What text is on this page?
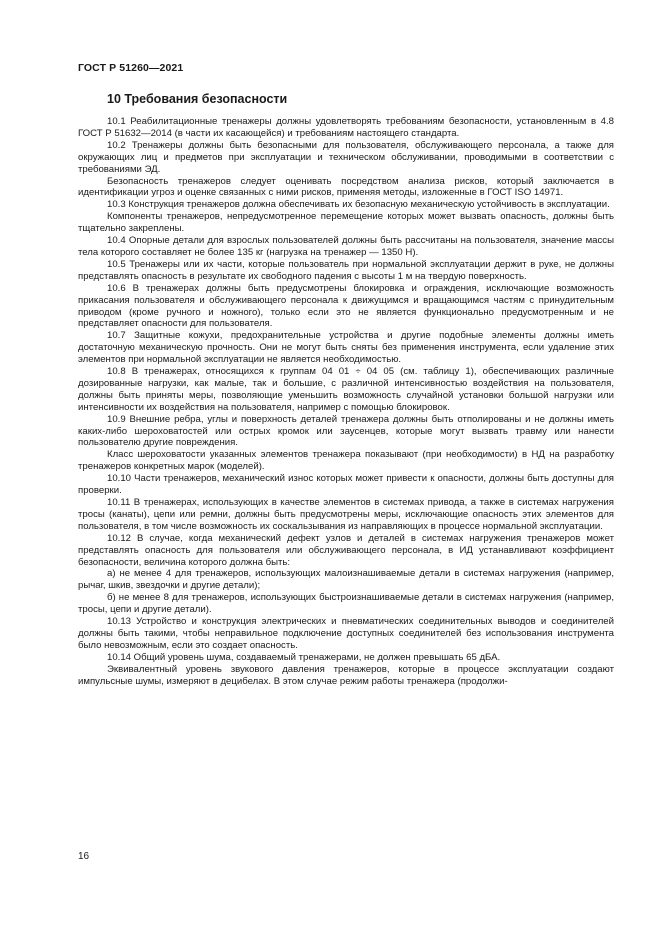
ГОСТ Р 51260—2021
10 Требования безопасности

10.1 Реабилитационные тренажеры должны удовлетворять требованиям безопасности, установленным в 4.8 ГОСТ Р 51632—2014 (в части их касающейся) и требованиям настоящего стандарта.

10.2 Тренажеры должны быть безопасными для пользователя, обслуживающего персонала, а также для окружающих лиц и предметов при эксплуатации и техническом обслуживании, проводимыми в соответствии с требованиями ЭД.

Безопасность тренажеров следует оценивать посредством анализа рисков, который заключается в идентификации угроз и оценке связанных с ними рисков, применяя методы, изложенные в ГОСТ ISO 14971.

10.3 Конструкция тренажеров должна обеспечивать их безопасную механическую устойчивость в эксплуатации.

Компоненты тренажеров, непредусмотренное перемещение которых может вызвать опасность, должны быть тщательно закреплены.

10.4 Опорные детали для взрослых пользователей должны быть рассчитаны на пользователя, значение массы тела которого составляет не более 135 кг (нагрузка на тренажер — 1350 Н).

10.5 Тренажеры или их части, которые пользователь при нормальной эксплуатации держит в руке, не должны представлять опасность в результате их свободного падения с высоты 1 м на твердую поверхность.

10.6 В тренажерах должны быть предусмотрены блокировка и ограждения, исключающие возможность прикасания пользователя и обслуживающего персонала к движущимся и вращающимся частям с принудительным приводом (кроме ручного и ножного), только если это не является функционально предусмотренным и не представляет опасности для пользователя.

10.7 Защитные кожухи, предохранительные устройства и другие подобные элементы должны иметь достаточную механическую прочность. Они не могут быть сняты без применения инструмента, если удаление этих элементов при нормальной эксплуатации не является необходимостью.

10.8 В тренажерах, относящихся к группам 04 01 ÷ 04 05 (см. таблицу 1), обеспечивающих различные дозированные нагрузки, как малые, так и большие, с различной интенсивностью воздействия на пользователя, должны быть приняты меры, позволяющие уменьшить возможность случайной установки большой нагрузки или интенсивности их воздействия на пользователя, например с помощью блокировок.

10.9 Внешние ребра, углы и поверхность деталей тренажера должны быть отполированы и не должны иметь каких-либо шероховатостей или острых кромок или заусенцев, которые могут вызвать травму или нанести пользователю другие повреждения.

Класс шероховатости указанных элементов тренажера показывают (при необходимости) в НД на разработку тренажеров конкретных марок (моделей).

10.10 Части тренажеров, механический износ которых может привести к опасности, должны быть доступны для проверки.

10.11 В тренажерах, использующих в качестве элементов в системах привода, а также в системах нагружения тросы (канаты), цепи или ремни, должны быть предусмотрены меры, исключающие опасность этих элементов для пользователя, в том числе возможность их соскальзывания из направляющих в процессе нормальной эксплуатации.

10.12 В случае, когда механический дефект узлов и деталей в системах нагружения тренажеров может представлять опасность для пользователя или обслуживающего персонала, в ИД устанавливают коэффициент безопасности, величина которого должна быть:

а) не менее 4 для тренажеров, использующих малоизнашиваемые детали в системах нагружения (например, рычаг, шкив, звездочки и другие детали);

б) не менее 8 для тренажеров, использующих быстроизнашиваемые детали в системах нагружения (например, тросы, цепи и другие детали).

10.13 Устройство и конструкция электрических и пневматических соединительных выводов и соединителей должны быть такими, чтобы неправильное подключение доступных соединителей без использования инструмента было невозможным, если это создает опасность.

10.14 Общий уровень шума, создаваемый тренажерами, не должен превышать 65 дБА.

Эквивалентный уровень звукового давления тренажеров, которые в процессе эксплуатации создают импульсные шумы, измеряют в децибелах. В этом случае режим работы тренажера (продолжи-

16
